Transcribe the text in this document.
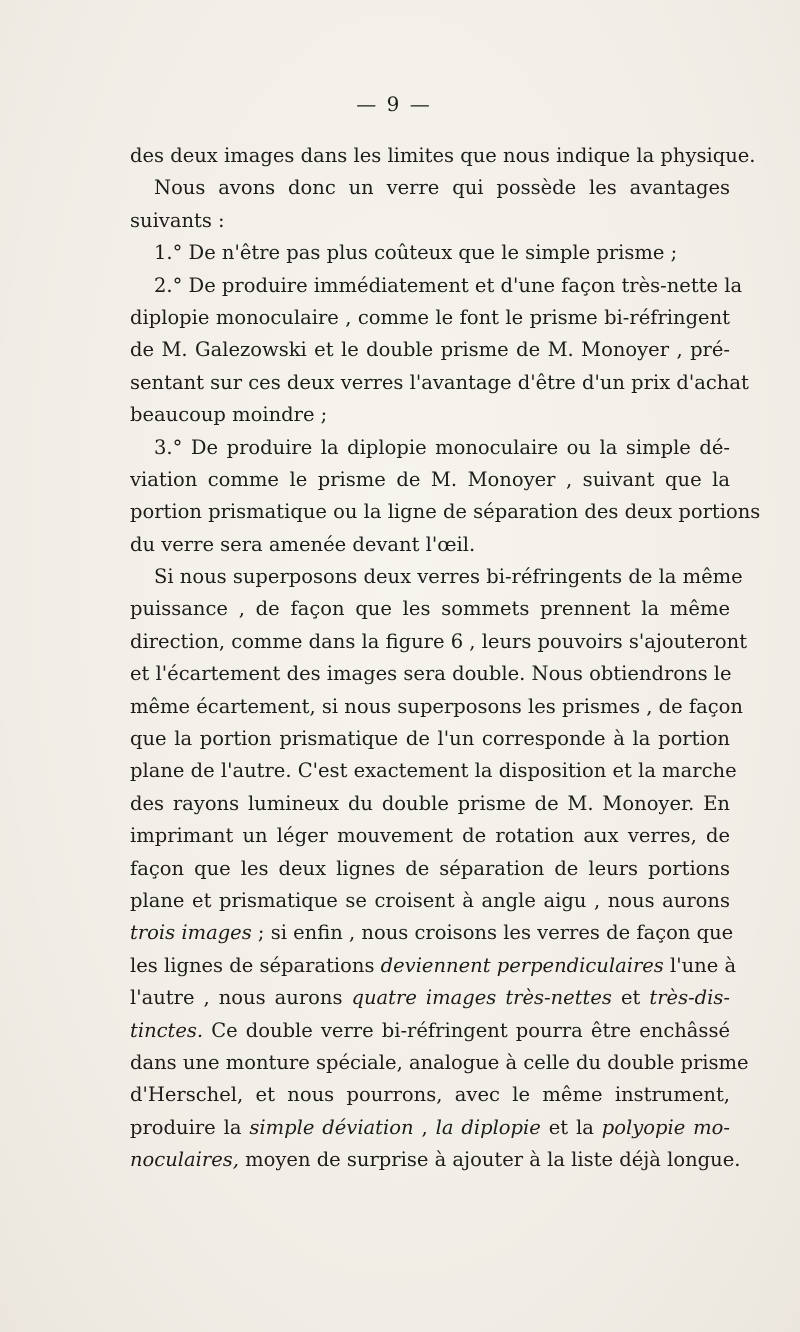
— 9 —
des deux images dans les limites que nous indique la physique.
Nous avons donc un verre qui possède les avantages
suivants :
1.° De n'être pas plus coûteux que le simple prisme ;
2.° De produire immédiatement et d'une façon très-nette la
diplopie monoculaire , comme le font le prisme bi-réfringent
de M. Galezowski et le double prisme de M. Monoyer , pré-
sentant sur ces deux verres l'avantage d'être d'un prix d'achat
beaucoup moindre ;
3.° De produire la diplopie monoculaire ou la simple dé-
viation comme le prisme de M. Monoyer , suivant que la
portion prismatique ou la ligne de séparation des deux portions
du verre sera amenée devant l'œil.
Si nous superposons deux verres bi-réfringents de la même
puissance , de façon que les sommets prennent la même
direction, comme dans la figure 6 , leurs pouvoirs s'ajouteront
et l'écartement des images sera double. Nous obtiendrons le
même écartement, si nous superposons les prismes , de façon
que la portion prismatique de l'un corresponde à la portion
plane de l'autre. C'est exactement la disposition et la marche
des rayons lumineux du double prisme de M. Monoyer. En
imprimant un léger mouvement de rotation aux verres, de
façon que les deux lignes de séparation de leurs portions
plane et prismatique se croisent à angle aigu , nous aurons
trois images ; si enfin , nous croisons les verres de façon que
les lignes de séparations deviennent perpendiculaires l'une à
l'autre , nous aurons quatre images très-nettes et très-dis-
tinctes. Ce double verre bi-réfringent pourra être enchâssé
dans une monture spéciale, analogue à celle du double prisme
d'Herschel, et nous pourrons, avec le même instrument,
produire la simple déviation , la diplopie et la polyopie mo-
noculaires, moyen de surprise à ajouter à la liste déjà longue.
